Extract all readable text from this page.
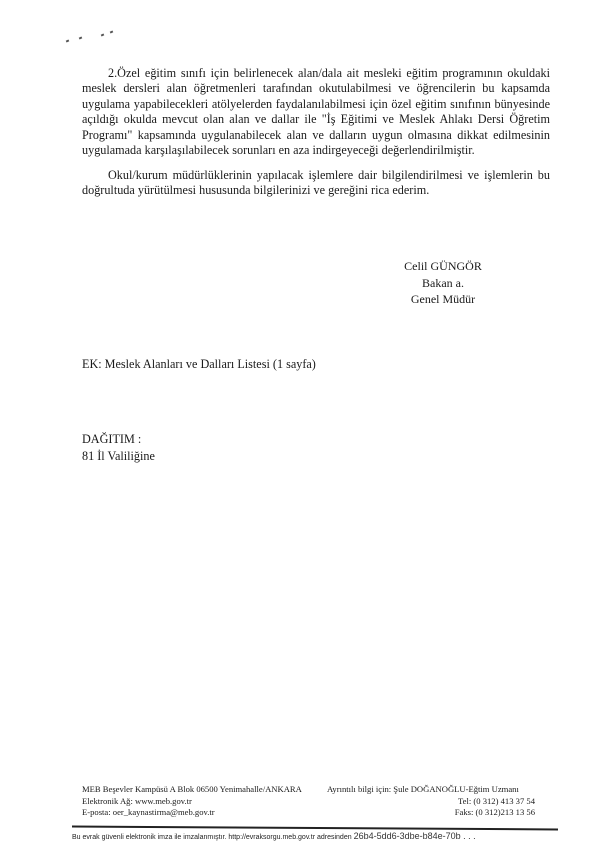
2.Özel eğitim sınıfı için belirlenecek alan/dala ait mesleki eğitim programının okuldaki meslek dersleri alan öğretmenleri tarafından okutulabilmesi ve öğrencilerin bu kapsamda uygulama yapabilecekleri atölyelerden faydalanılabilmesi için özel eğitim sınıfının bünyesinde açıldığı okulda mevcut olan alan ve dallar ile "İş Eğitimi ve Meslek Ahlakı Dersi Öğretim Programı" kapsamında uygulanabilecek alan ve dalların uygun olmasına dikkat edilmesinin uygulamada karşılaşılabilecek sorunları en aza indirgeyeceği değerlendirilmiştir.

Okul/kurum müdürlüklerinin yapılacak işlemlere dair bilgilendirilmesi ve işlemlerin bu doğrultuda yürütülmesi hususunda bilgilerinizi ve gereğini rica ederim.

Celil GÜNGÖR
Bakan a.
Genel Müdür
EK: Meslek Alanları ve Dalları Listesi (1 sayfa)
DAĞITIM :
81 İl Valiliğine
MEB Beşevler Kampüsü A Blok 06500 Yenimahalle/ANKARA
Elektronik Ağ: www.meb.gov.tr
E-posta: oer_kaynastirma@meb.gov.tr
Ayrıntılı bilgi için: Şule DOĞANOĞLU-Eğtim Uzmanı
Tel: (0 312) 413 37 54
Faks: (0 312)213 13 56
Bu evrak güvenli elektronik imza ile imzalanmıştır. http://evraksorgu.meb.gov.tr adresinden 26b4-5dd6-3dbe-b84e-70b . . .
